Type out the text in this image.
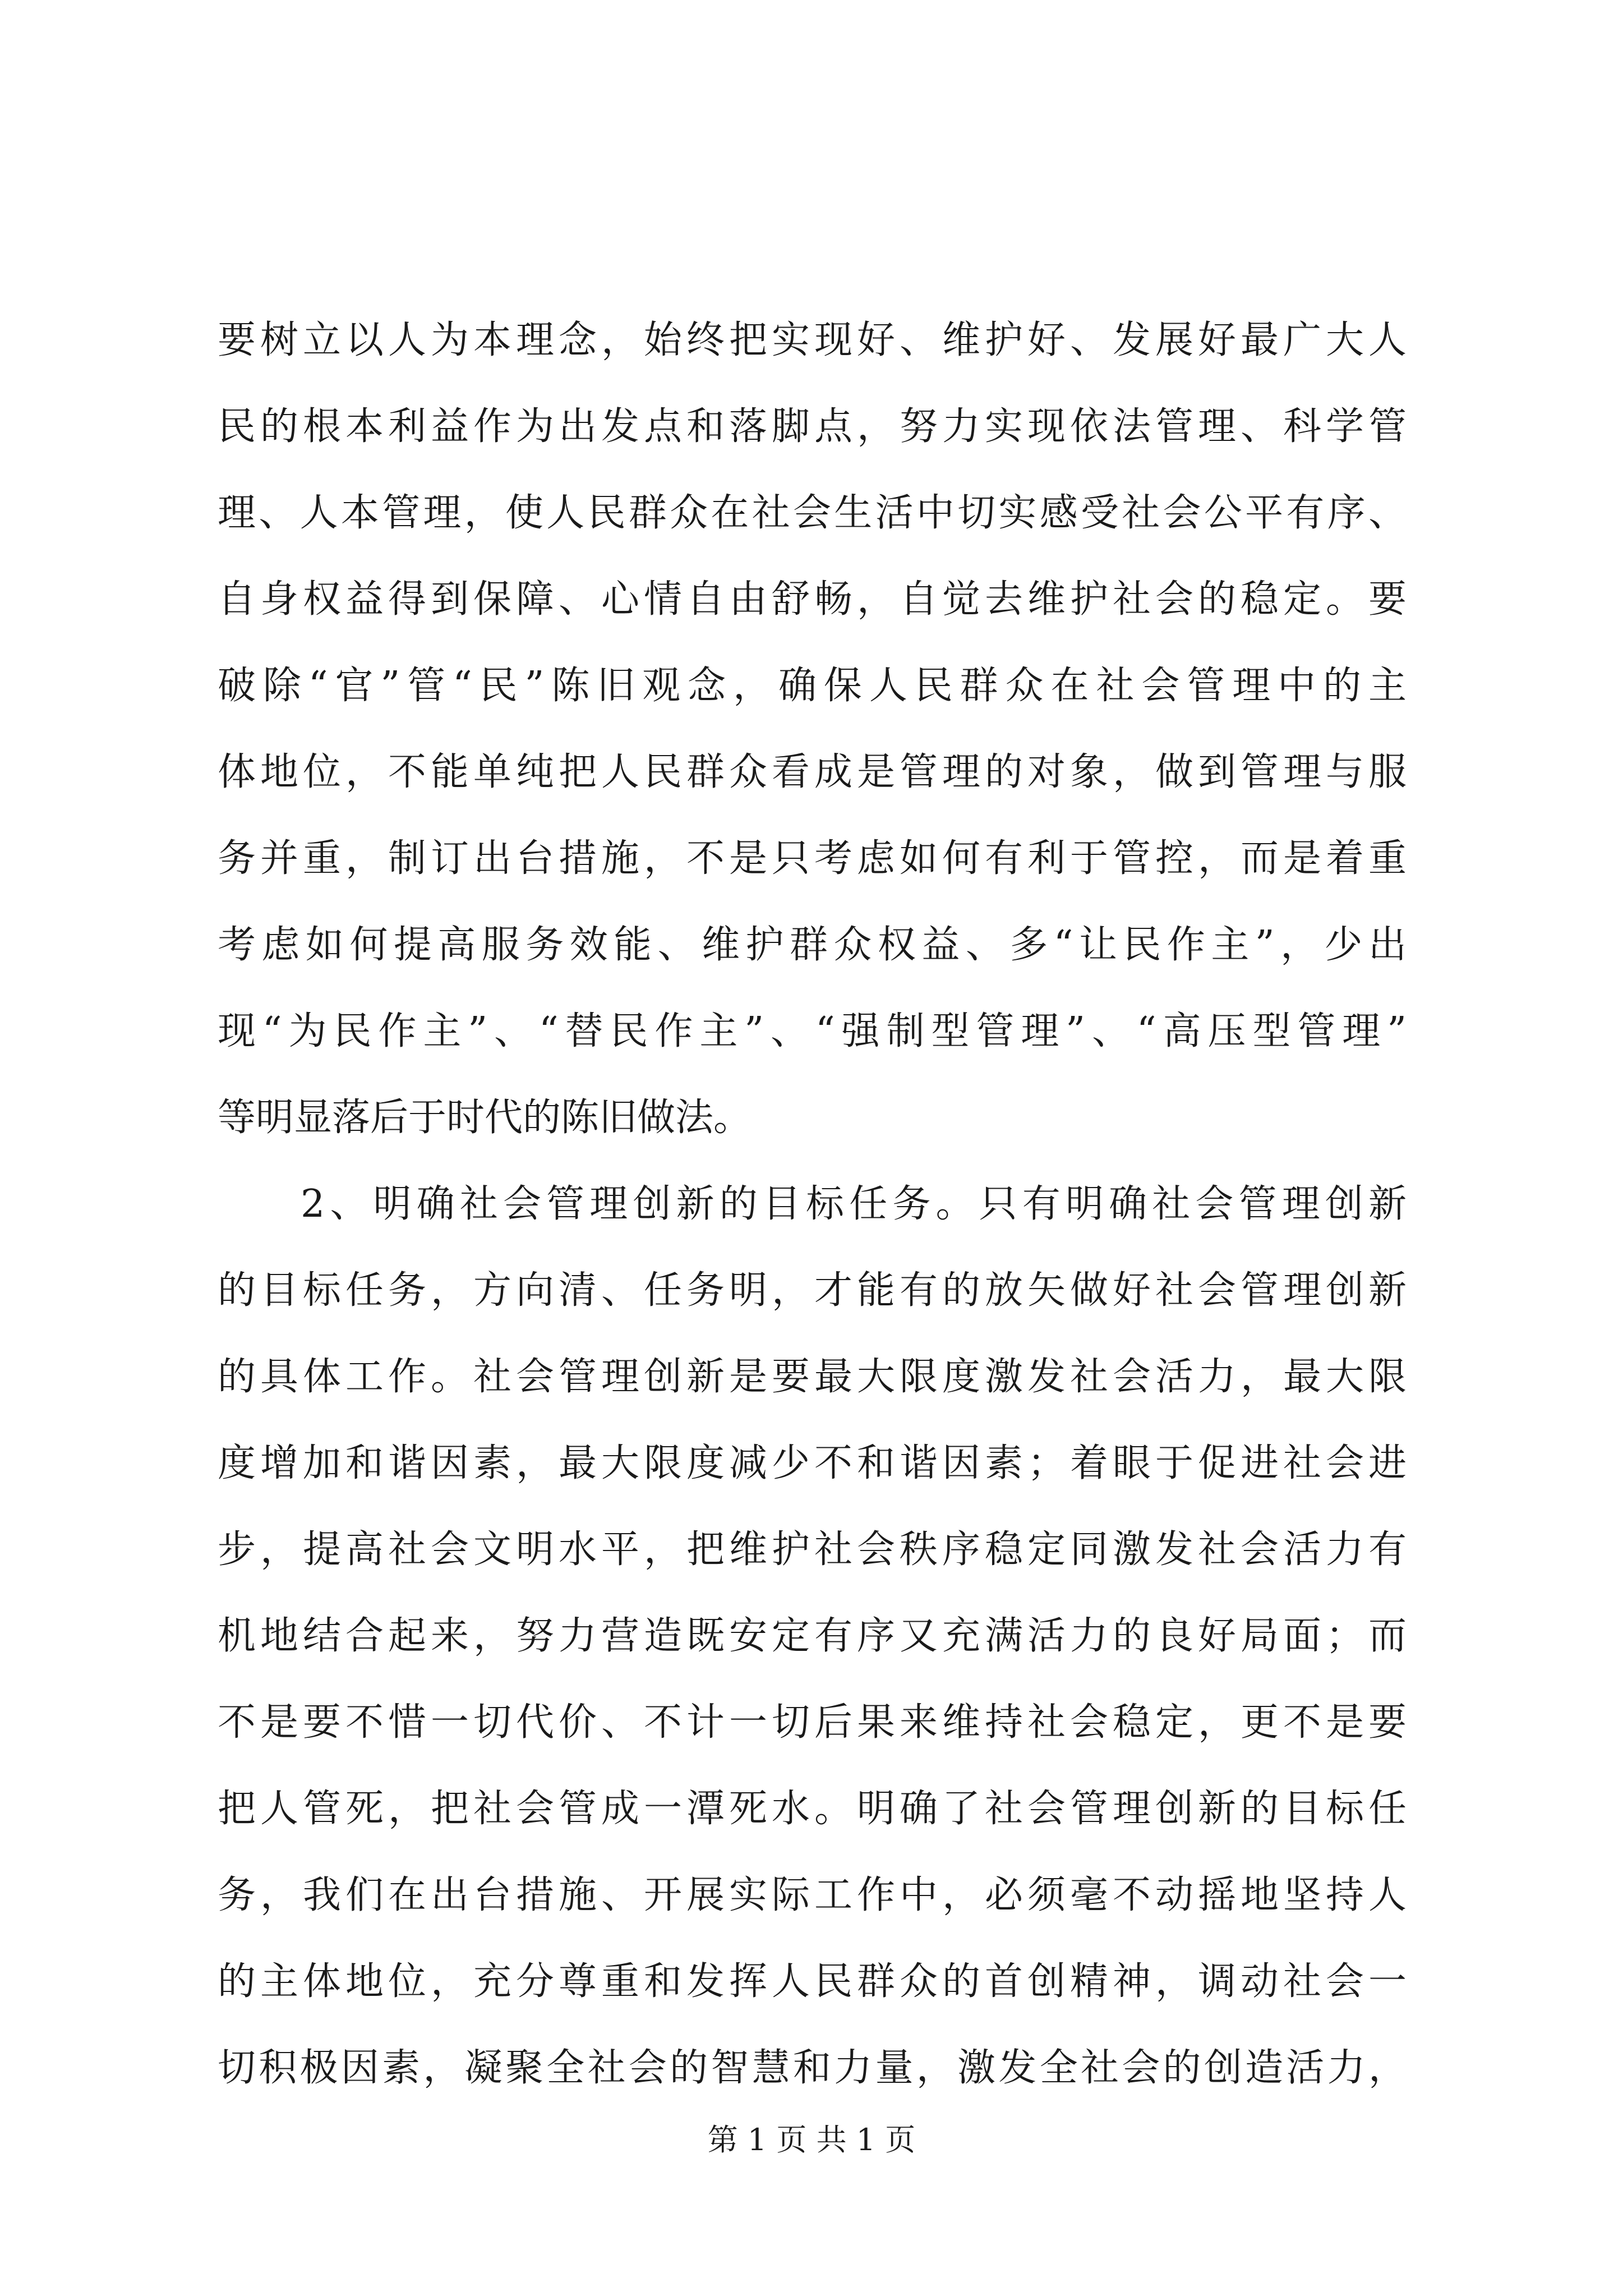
要树立以人为本理念，始终把实现好、维护好、发展好最广大人
民的根本利益作为出发点和落脚点，努力实现依法管理、科学管
理、人本管理，使人民群众在社会生活中切实感受社会公平有序、
自身权益得到保障、心情自由舒畅，自觉去维护社会的稳定。要
破除“官”管“民”陈旧观念，确保人民群众在社会管理中的主
体地位，不能单纯把人民群众看成是管理的对象，做到管理与服
务并重，制订出台措施，不是只考虑如何有利于管控，而是着重
考虑如何提高服务效能、维护群众权益、多“让民作主”，少出
现“为民作主”、“替民作主”、“强制型管理”、“高压型管理”
等明显落后于时代的陈旧做法。
2、明确社会管理创新的目标任务。只有明确社会管理创新
的目标任务，方向清、任务明，才能有的放矢做好社会管理创新
的具体工作。社会管理创新是要最大限度激发社会活力，最大限
度增加和谐因素，最大限度减少不和谐因素；着眼于促进社会进
步，提高社会文明水平，把维护社会秩序稳定同激发社会活力有
机地结合起来，努力营造既安定有序又充满活力的良好局面；而
不是要不惜一切代价、不计一切后果来维持社会稳定，更不是要
把人管死，把社会管成一潭死水。明确了社会管理创新的目标任
务，我们在出台措施、开展实际工作中，必须毫不动摇地坚持人
的主体地位，充分尊重和发挥人民群众的首创精神，调动社会一
切积极因素，凝聚全社会的智慧和力量，激发全社会的创造活力，
第 1 页 共 1 页
